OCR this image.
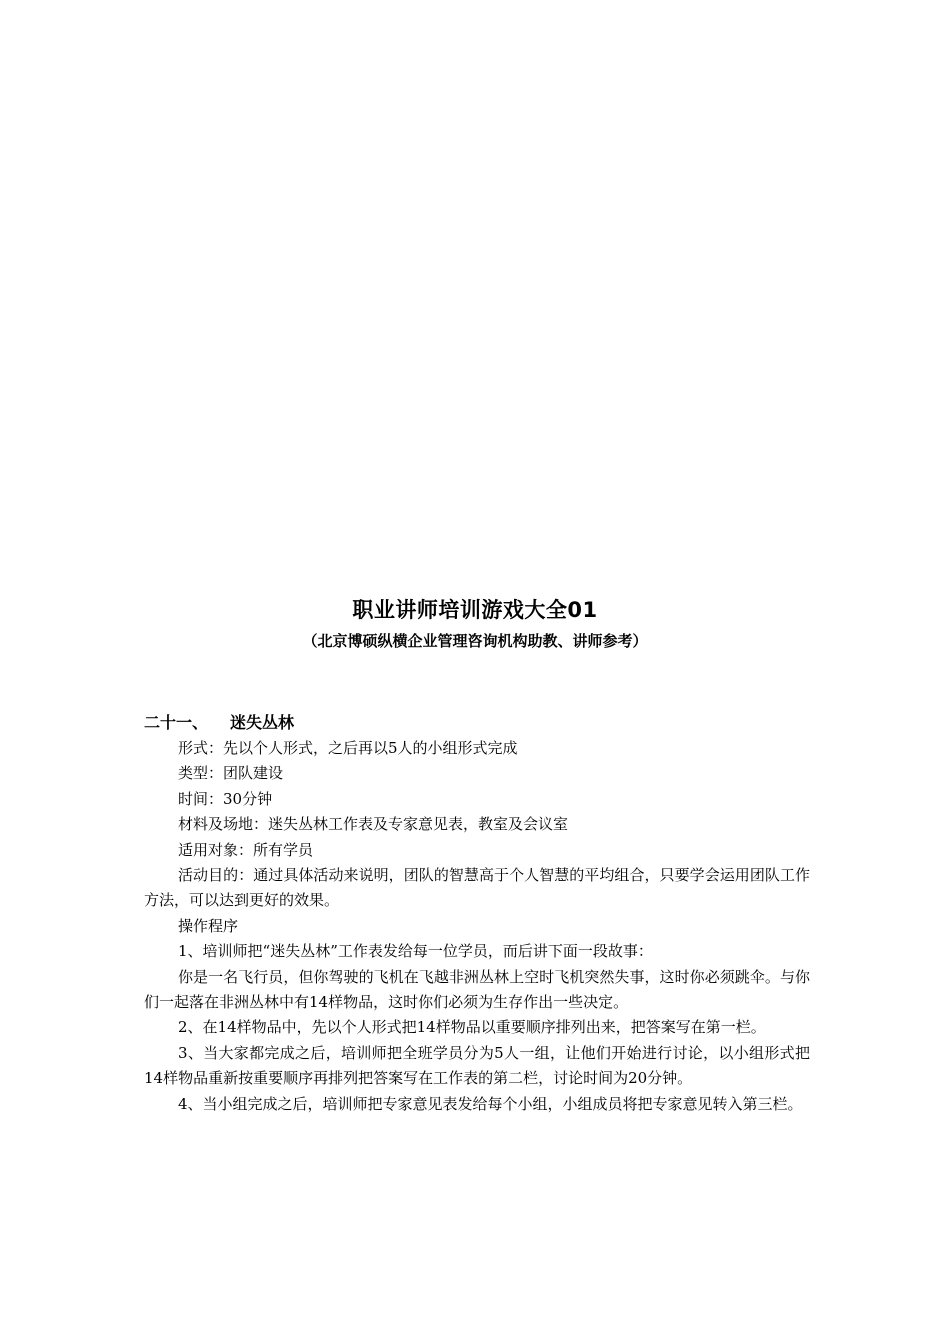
职业讲师培训游戏大全01

（北京博硕纵横企业管理咨询机构助教、讲师参考）

二十一、 迷失丛林

形式：先以个人形式，之后再以5人的小组形式完成

类型：团队建设

时间：30分钟

材料及场地：迷失丛林工作表及专家意见表，教室及会议室

适用对象：所有学员

活动目的：通过具体活动来说明，团队的智慧高于个人智慧的平均组合，只要学会运用团队工作方法，可以达到更好的效果。

操作程序

1、培训师把“迷失丛林”工作表发给每一位学员，而后讲下面一段故事：

你是一名飞行员，但你驾驶的飞机在飞越非洲丛林上空时飞机突然失事，这时你必须跳伞。与你们一起落在非洲丛林中有14样物品，这时你们必须为生存作出一些决定。

2、在14样物品中，先以个人形式把14样物品以重要顺序排列出来，把答案写在第一栏。

3、当大家都完成之后，培训师把全班学员分为5人一组，让他们开始进行讨论，以小组形式把14样物品重新按重要顺序再排列把答案写在工作表的第二栏，讨论时间为20分钟。

4、当小组完成之后，培训师把专家意见表发给每个小组，小组成员将把专家意见转入第三栏。
